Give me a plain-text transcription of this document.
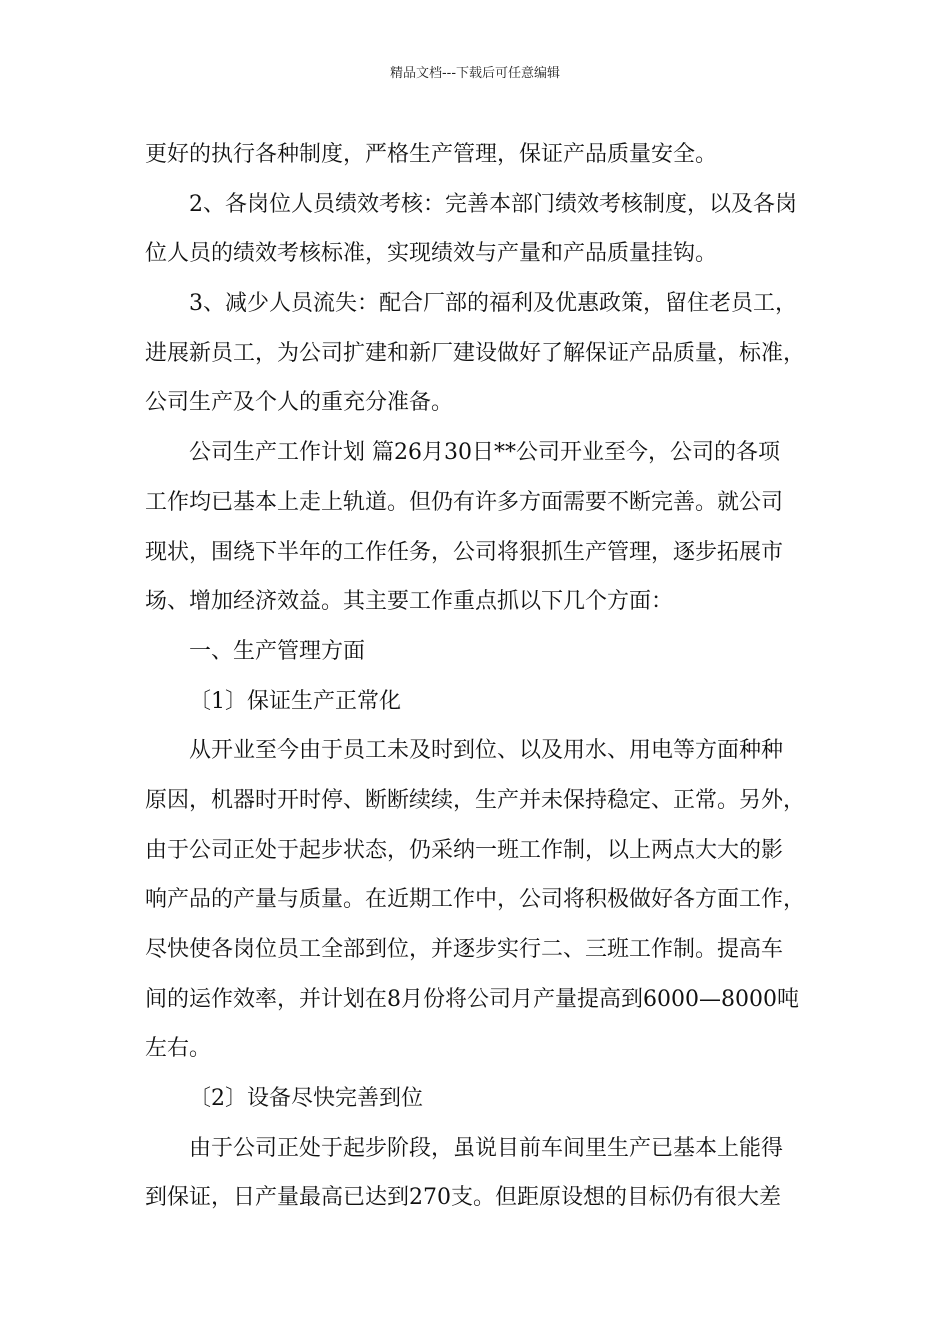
精品文档---下载后可任意编辑
更好的执行各种制度，严格生产管理，保证产品质量安全。
2、各岗位人员绩效考核：完善本部门绩效考核制度，以及各岗
位人员的绩效考核标准，实现绩效与产量和产品质量挂钩。
3、减少人员流失：配合厂部的福利及优惠政策，留住老员工，
进展新员工，为公司扩建和新厂建设做好了解保证产品质量，标准，
公司生产及个人的重充分准备。
公司生产工作计划 篇26月30日**公司开业至今，公司的各项
工作均已基本上走上轨道。但仍有许多方面需要不断完善。就公司
现状，围绕下半年的工作任务，公司将狠抓生产管理，逐步拓展市
场、增加经济效益。其主要工作重点抓以下几个方面：
一、生产管理方面
〔1〕保证生产正常化
从开业至今由于员工未及时到位、以及用水、用电等方面种种
原因，机器时开时停、断断续续，生产并未保持稳定、正常。另外，
由于公司正处于起步状态，仍采纳一班工作制，以上两点大大的影
响产品的产量与质量。在近期工作中，公司将积极做好各方面工作，
尽快使各岗位员工全部到位，并逐步实行二、三班工作制。提高车
间的运作效率，并计划在8月份将公司月产量提高到6000—8000吨
左右。
〔2〕设备尽快完善到位
由于公司正处于起步阶段，虽说目前车间里生产已基本上能得
到保证，日产量最高已达到270支。但距原设想的目标仍有很大差
